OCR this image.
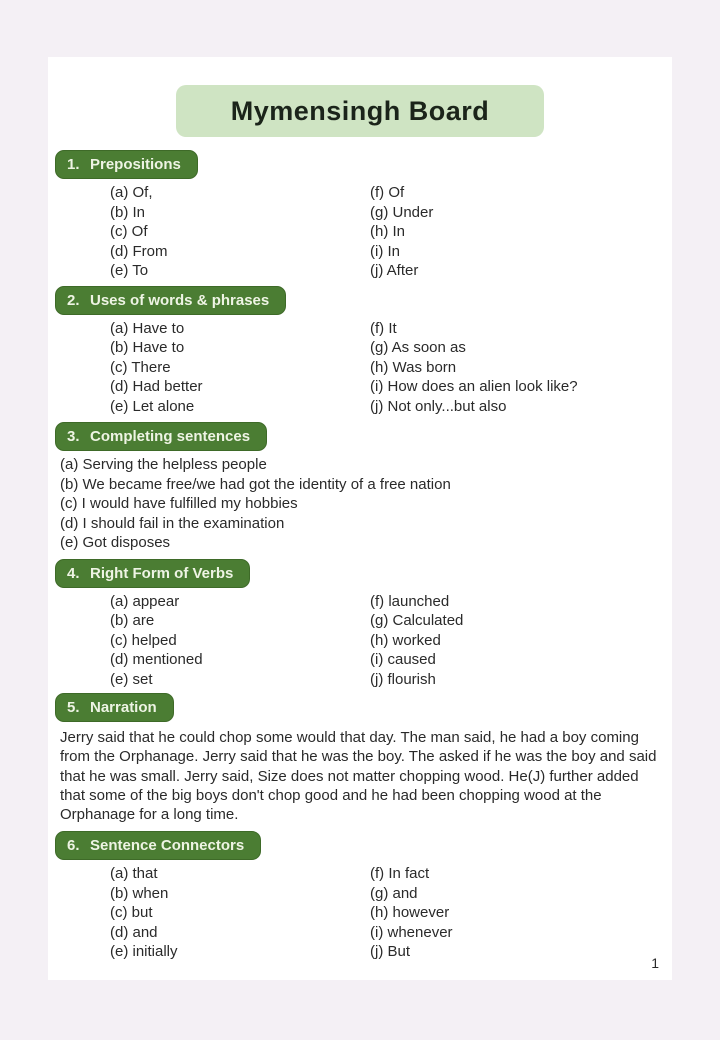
Mymensingh Board
1. Prepositions
(a) Of,
(b) In
(c) Of
(d) From
(e) To
(f) Of
(g) Under
(h) In
(i) In
(j) After
2. Uses of words & phrases
(a) Have to
(b) Have to
(c) There
(d) Had better
(e) Let alone
(f) It
(g) As soon as
(h) Was born
(i) How does an alien look like?
(j) Not only...but also
3. Completing sentences
(a) Serving the helpless people
(b) We became free/we had got the identity of a free nation
(c) I would have fulfilled my hobbies
(d) I should fail in the examination
(e) Got disposes
4. Right Form of Verbs
(a) appear
(b) are
(c) helped
(d) mentioned
(e) set
(f) launched
(g) Calculated
(h) worked
(i) caused
(j) flourish
5. Narration

Jerry said that he could chop some would that day. The man said, he had a boy coming from the Orphanage. Jerry said that he was the boy. The asked if he was the boy and said that he was small. Jerry said, Size does not matter chopping wood. He(J) further added that some of the big boys don't chop good and he had been chopping wood at the Orphanage for a long time.

6. Sentence Connectors
(a) that
(b) when
(c) but
(d) and
(e) initially
(f) In fact
(g) and
(h) however
(i) whenever
(j) But
1
